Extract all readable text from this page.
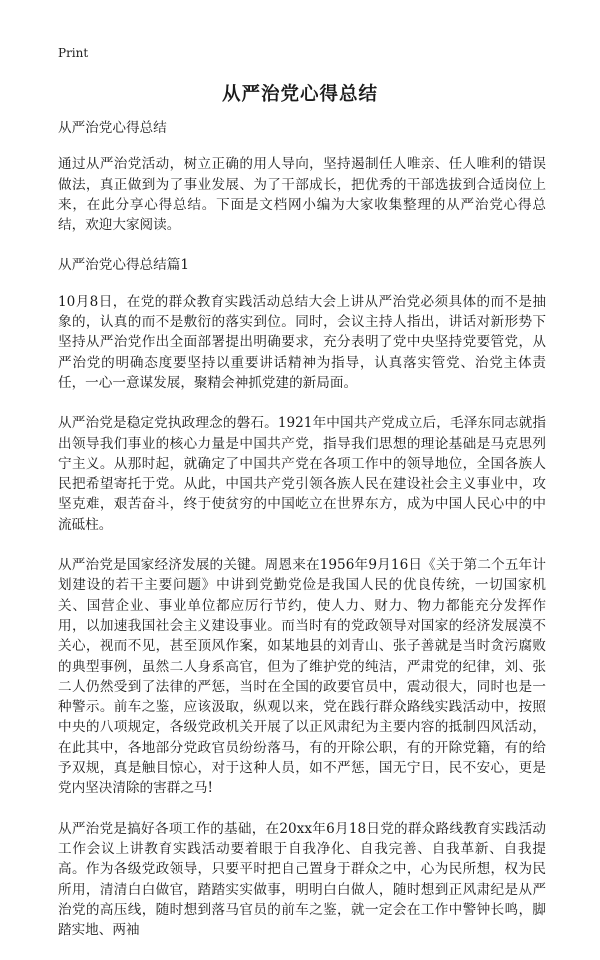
Print
从严治党心得总结

从严治党心得总结

通过从严治党活动，树立正确的用人导向，坚持遏制任人唯亲、任人唯利的错误做法，真正做到为了事业发展、为了干部成长，把优秀的干部选拔到合适岗位上来，在此分享心得总结。下面是文档网小编为大家收集整理的从严治党心得总结，欢迎大家阅读。

从严治党心得总结篇1

10月8日，在党的群众教育实践活动总结大会上讲从严治党必须具体的而不是抽象的，认真的而不是敷衍的落实到位。同时，会议主持人指出，讲话对新形势下坚持从严治党作出全面部署提出明确要求，充分表明了党中央坚持党要管党，从严治党的明确态度要坚持以重要讲话精神为指导，认真落实管党、治党主体责任，一心一意谋发展，聚精会神抓党建的新局面。

从严治党是稳定党执政理念的磐石。1921年中国共产党成立后，毛泽东同志就指出领导我们事业的核心力量是中国共产党，指导我们思想的理论基础是马克思列宁主义。从那时起，就确定了中国共产党在各项工作中的领导地位，全国各族人民把希望寄托于党。从此，中国共产党引领各族人民在建设社会主义事业中，攻坚克难，艰苦奋斗，终于使贫穷的中国屹立在世界东方，成为中国人民心中的中流砥柱。

从严治党是国家经济发展的关键。周恩来在1956年9月16日《关于第二个五年计划建设的若干主要问题》中讲到党勤党俭是我国人民的优良传统，一切国家机关、国营企业、事业单位都应厉行节约，使人力、财力、物力都能充分发挥作用，以加速我国社会主义建设事业。而当时有的党政领导对国家的经济发展漠不关心，视而不见，甚至顶风作案，如某地县的刘青山、张子善就是当时贪污腐败的典型事例，虽然二人身系高官，但为了维护党的纯洁，严肃党的纪律，刘、张二人仍然受到了法律的严惩，当时在全国的政要官员中，震动很大，同时也是一种警示。前车之鉴，应该汲取，纵观以来，党在践行群众路线实践活动中，按照中央的八项规定，各级党政机关开展了以正风肃纪为主要内容的抵制四风活动，在此其中，各地部分党政官员纷纷落马，有的开除公职，有的开除党籍，有的给予双规，真是触目惊心，对于这种人员，如不严惩，国无宁日，民不安心，更是党内坚决清除的害群之马!

从严治党是搞好各项工作的基础，在20xx年6月18日党的群众路线教育实践活动工作会议上讲教育实践活动要着眼于自我净化、自我完善、自我革新、自我提高。作为各级党政领导，只要平时把自己置身于群众之中，心为民所想，权为民所用，清清白白做官，踏踏实实做事，明明白白做人，随时想到正风肃纪是从严治党的高压线，随时想到落马官员的前车之鉴，就一定会在工作中警钟长鸣，脚踏实地、两袖
